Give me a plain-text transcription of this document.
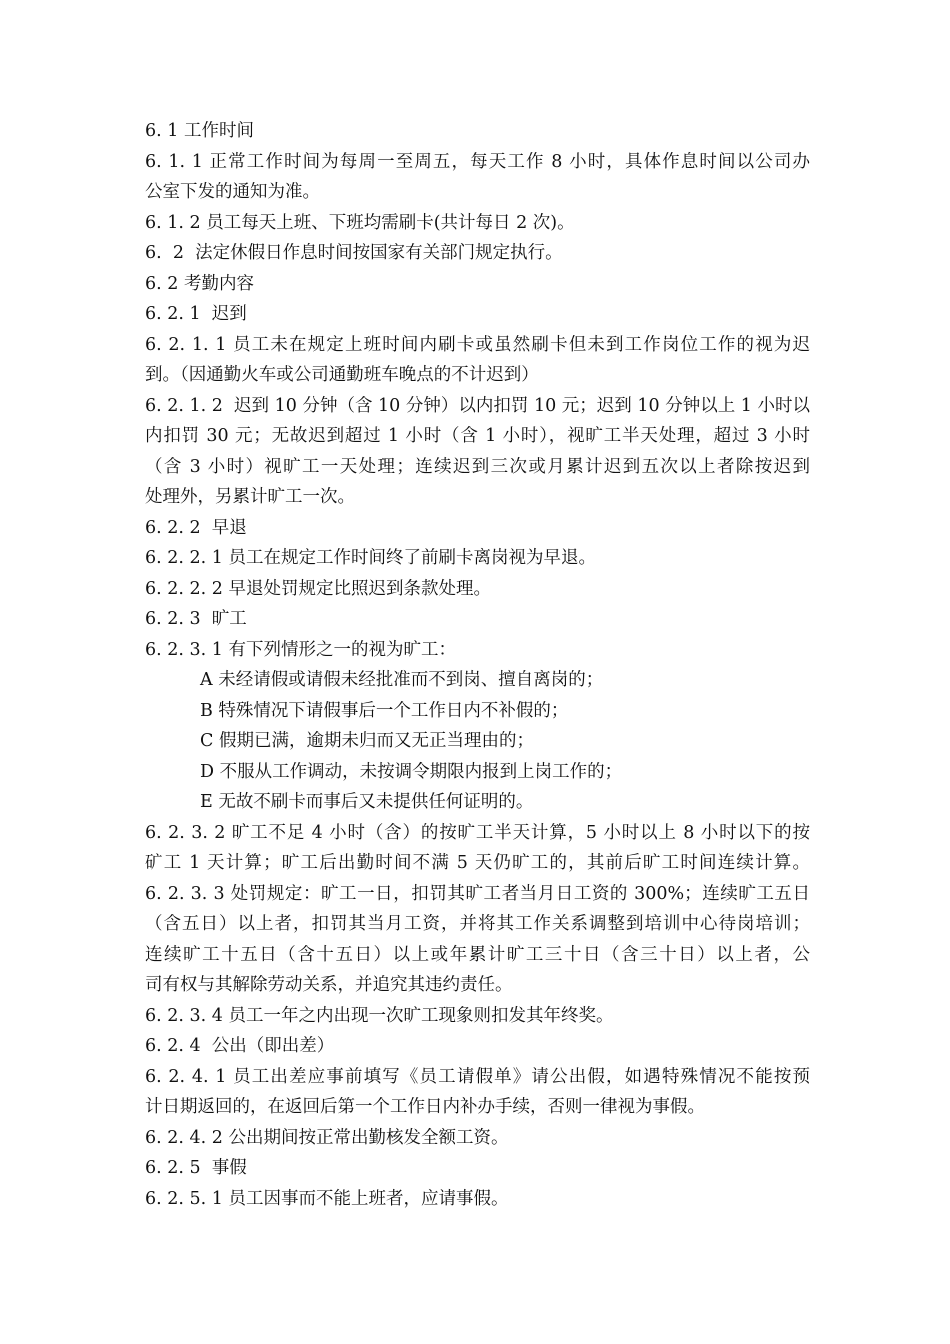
6. 1 工作时间
6. 1. 1 正常工作时间为每周一至周五，每天工作 8 小时，具体作息时间以公司办
公室下发的通知为准。
6. 1. 2 员工每天上班、下班均需刷卡(共计每日 2 次)。
6.  2  法定休假日作息时间按国家有关部门规定执行。
6. 2 考勤内容
6. 2. 1  迟到
6. 2. 1. 1 员工未在规定上班时间内刷卡或虽然刷卡但未到工作岗位工作的视为迟
到。（因通勤火车或公司通勤班车晚点的不计迟到）
6. 2. 1. 2  迟到 10 分钟（含 10 分钟）以内扣罚 10 元；迟到 10 分钟以上 1 小时以
内扣罚 30 元；无故迟到超过 1 小时（含 1 小时），视旷工半天处理，超过 3 小时
（含 3 小时）视旷工一天处理；连续迟到三次或月累计迟到五次以上者除按迟到
处理外，另累计旷工一次。
6. 2. 2  早退
6. 2. 2. 1 员工在规定工作时间终了前刷卡离岗视为早退。
6. 2. 2. 2 早退处罚规定比照迟到条款处理。
6. 2. 3  旷工
6. 2. 3. 1 有下列情形之一的视为旷工：
A 未经请假或请假未经批准而不到岗、擅自离岗的；
B 特殊情况下请假事后一个工作日内不补假的；
C 假期已满，逾期未归而又无正当理由的；
D 不服从工作调动，未按调令期限内报到上岗工作的；
E 无故不刷卡而事后又未提供任何证明的。
6. 2. 3. 2 旷工不足 4 小时（含）的按旷工半天计算，5 小时以上 8 小时以下的按
矿工 1 天计算；旷工后出勤时间不满 5 天仍旷工的，其前后旷工时间连续计算。
6. 2. 3. 3 处罚规定：旷工一日，扣罚其旷工者当月日工资的 300%；连续旷工五日
（含五日）以上者，扣罚其当月工资，并将其工作关系调整到培训中心待岗培训；
连续旷工十五日（含十五日）以上或年累计旷工三十日（含三十日）以上者，公
司有权与其解除劳动关系，并追究其违约责任。
6. 2. 3. 4 员工一年之内出现一次旷工现象则扣发其年终奖。
6. 2. 4  公出（即出差）
6. 2. 4. 1 员工出差应事前填写《员工请假单》请公出假，如遇特殊情况不能按预
计日期返回的，在返回后第一个工作日内补办手续，否则一律视为事假。
6. 2. 4. 2 公出期间按正常出勤核发全额工资。
6. 2. 5  事假
6. 2. 5. 1 员工因事而不能上班者，应请事假。
